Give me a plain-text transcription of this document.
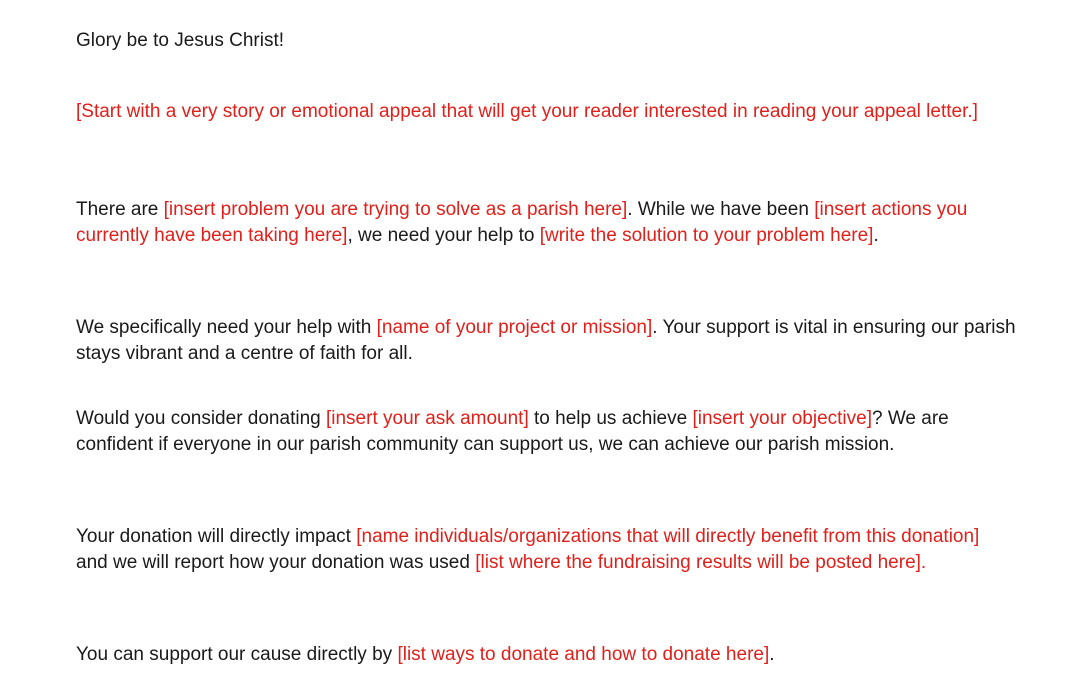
Glory be to Jesus Christ!

[Start with a very story or emotional appeal that will get your reader interested in reading your appeal letter.]

There are [insert problem you are trying to solve as a parish here]. While we have been [insert actions you currently have been taking here], we need your help to [write the solution to your problem here].

We specifically need your help with [name of your project or mission]. Your support is vital in ensuring our parish stays vibrant and a centre of faith for all.

Would you consider donating [insert your ask amount] to help us achieve [insert your objective]? We are confident if everyone in our parish community can support us, we can achieve our parish mission.

Your donation will directly impact [name individuals/organizations that will directly benefit from this donation] and we will report how your donation was used [list where the fundraising results will be posted here].

You can support our cause directly by [list ways to donate and how to donate here].
